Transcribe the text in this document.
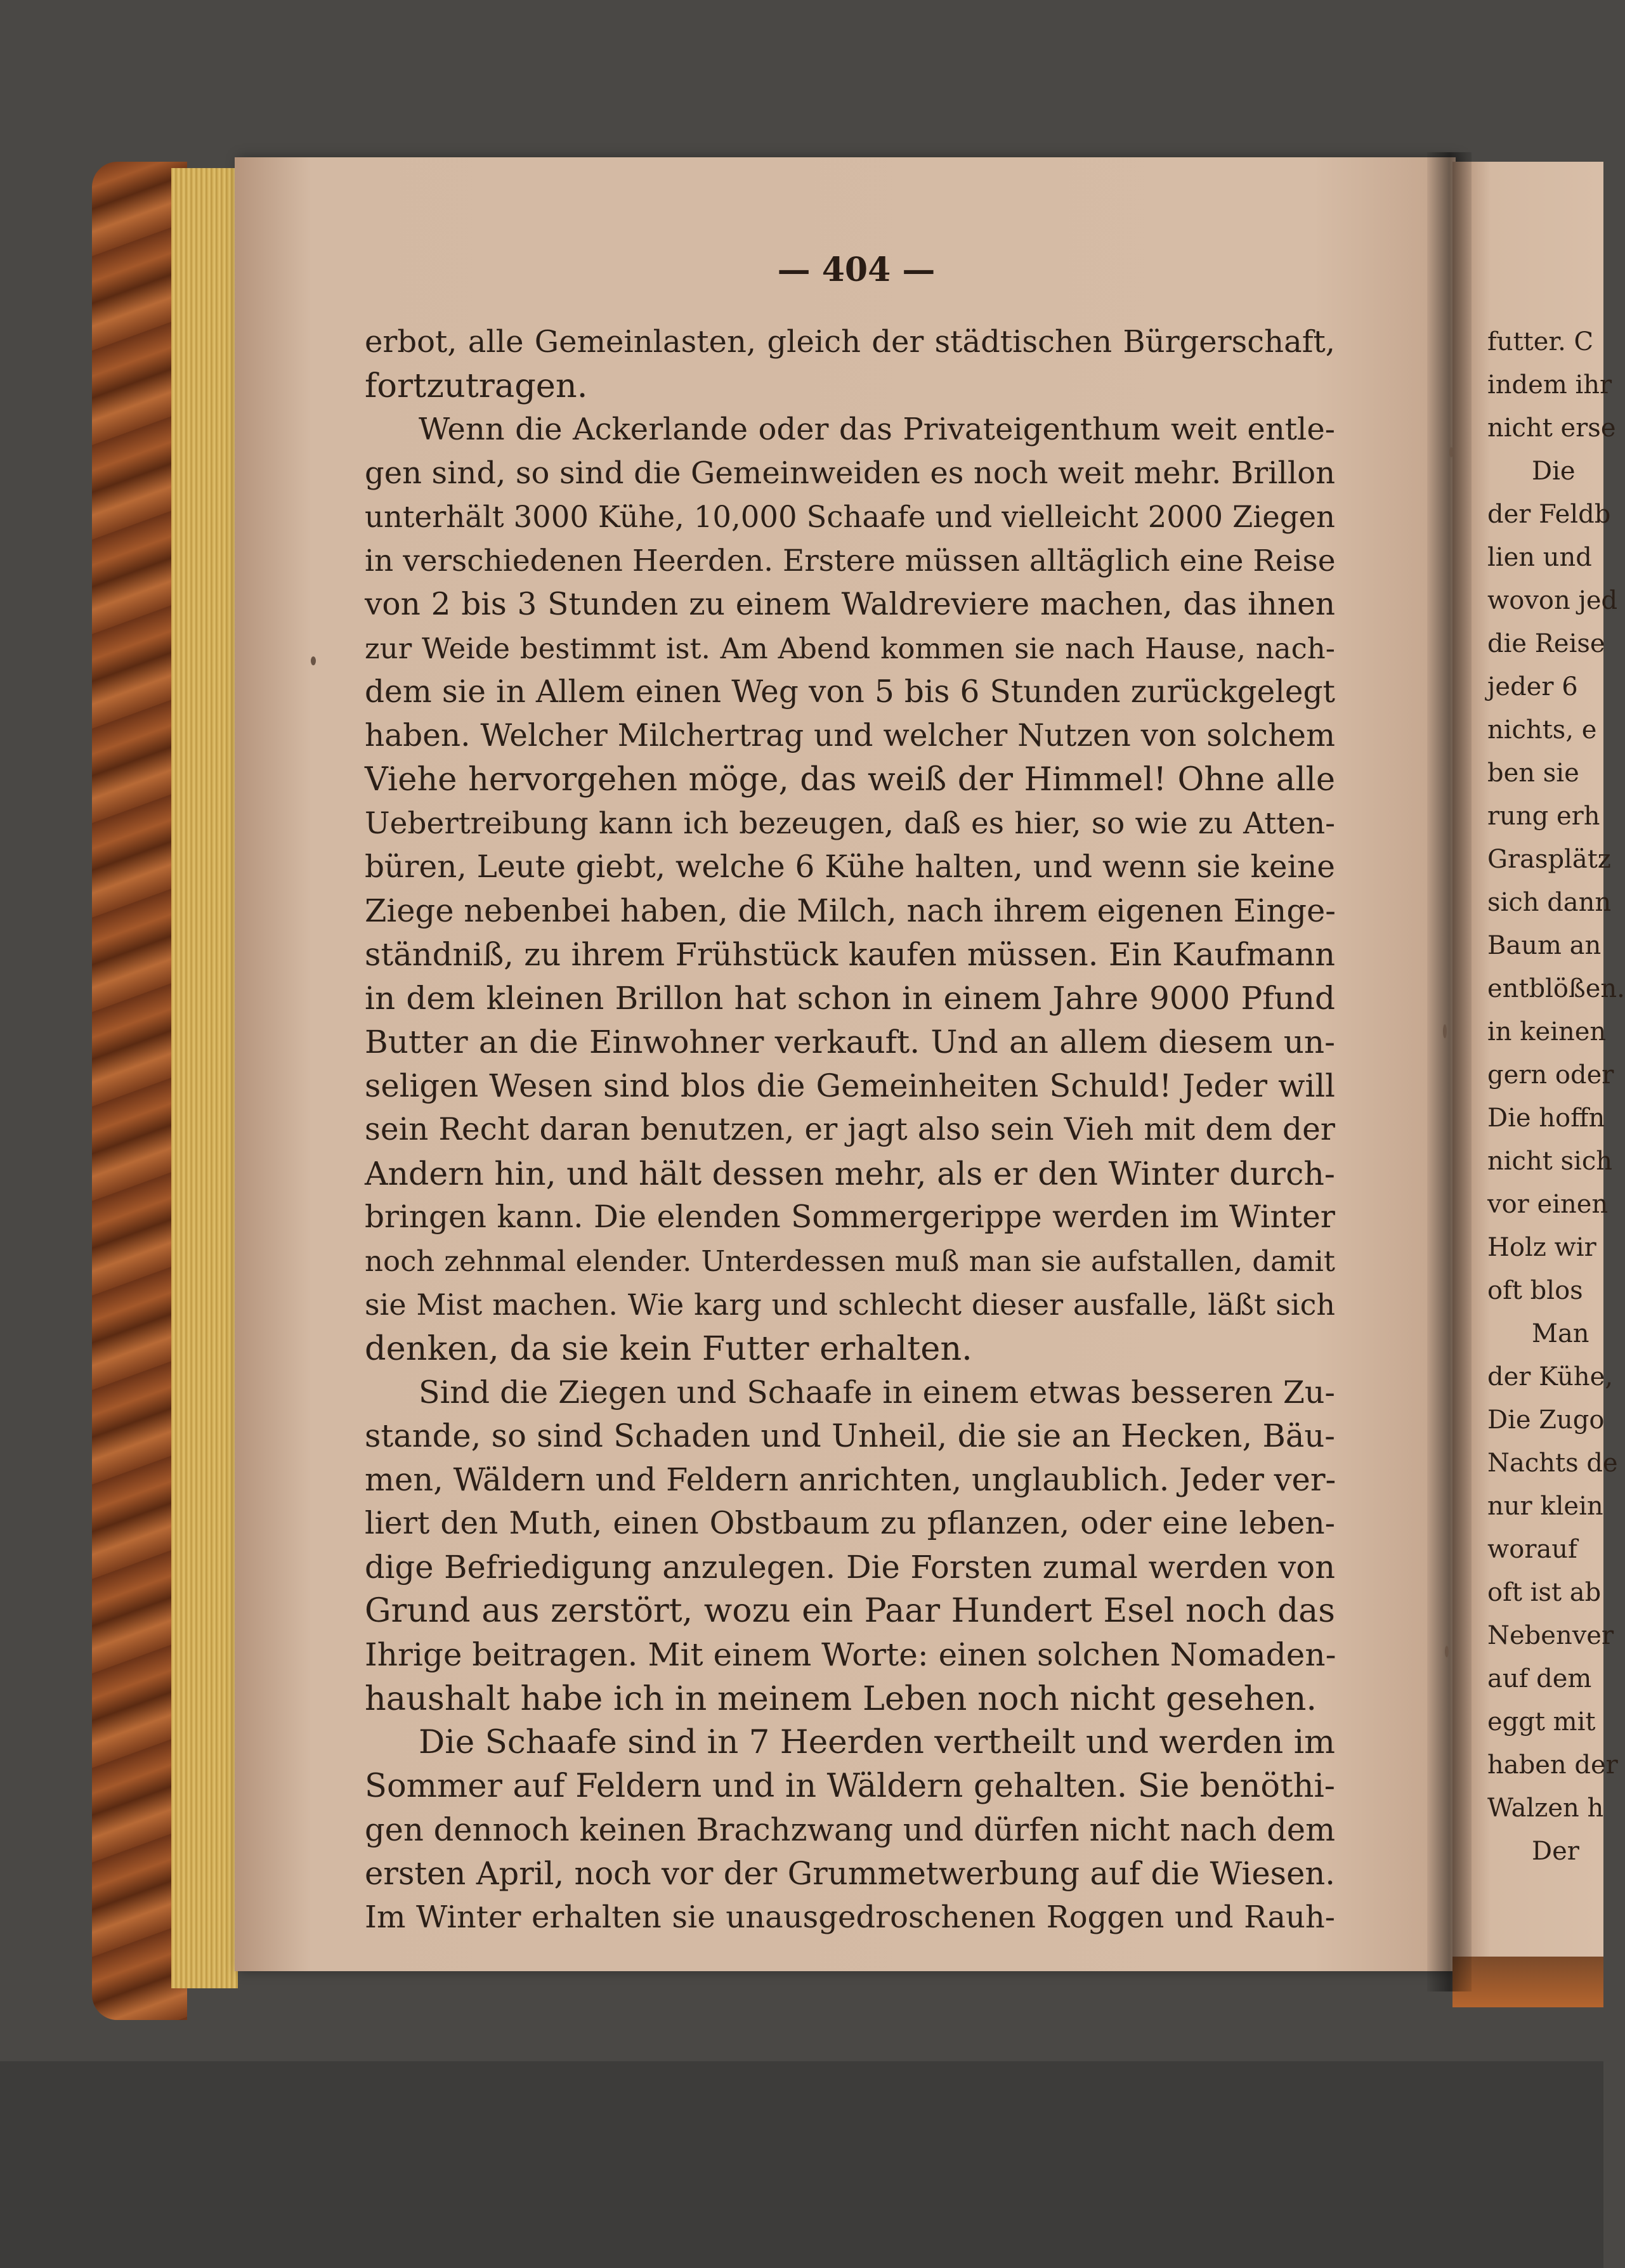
— 404 —
erbot, alle Gemeinlasten, gleich der städtischen Bürgerschaft,
fortzutragen.
Wenn die Ackerlande oder das Privateigenthum weit entle-
gen sind, so sind die Gemeinweiden es noch weit mehr. Brillon
unterhält 3000 Kühe, 10,000 Schaafe und vielleicht 2000 Ziegen
in verschiedenen Heerden. Erstere müssen alltäglich eine Reise
von 2 bis 3 Stunden zu einem Waldreviere machen, das ihnen
zur Weide bestimmt ist. Am Abend kommen sie nach Hause, nach-
dem sie in Allem einen Weg von 5 bis 6 Stunden zurückgelegt
haben. Welcher Milchertrag und welcher Nutzen von solchem
Viehe hervorgehen möge, das weiß der Himmel! Ohne alle
Uebertreibung kann ich bezeugen, daß es hier, so wie zu Atten-
büren, Leute giebt, welche 6 Kühe halten, und wenn sie keine
Ziege nebenbei haben, die Milch, nach ihrem eigenen Einge-
ständniß, zu ihrem Frühstück kaufen müssen. Ein Kaufmann
in dem kleinen Brillon hat schon in einem Jahre 9000 Pfund
Butter an die Einwohner verkauft. Und an allem diesem un-
seligen Wesen sind blos die Gemeinheiten Schuld! Jeder will
sein Recht daran benutzen, er jagt also sein Vieh mit dem der
Andern hin, und hält dessen mehr, als er den Winter durch-
bringen kann. Die elenden Sommergerippe werden im Winter
noch zehnmal elender. Unterdessen muß man sie aufstallen, damit
sie Mist machen. Wie karg und schlecht dieser ausfalle, läßt sich
denken, da sie kein Futter erhalten.
Sind die Ziegen und Schaafe in einem etwas besseren Zu-
stande, so sind Schaden und Unheil, die sie an Hecken, Bäu-
men, Wäldern und Feldern anrichten, unglaublich. Jeder ver-
liert den Muth, einen Obstbaum zu pflanzen, oder eine leben-
dige Befriedigung anzulegen. Die Forsten zumal werden von
Grund aus zerstört, wozu ein Paar Hundert Esel noch das
Ihrige beitragen. Mit einem Worte: einen solchen Nomaden-
haushalt habe ich in meinem Leben noch nicht gesehen.
Die Schaafe sind in 7 Heerden vertheilt und werden im
Sommer auf Feldern und in Wäldern gehalten. Sie benöthi-
gen dennoch keinen Brachzwang und dürfen nicht nach dem
ersten April, noch vor der Grummetwerbung auf die Wiesen.
Im Winter erhalten sie unausgedroschenen Roggen und Rauh-
futter. C
indem ihr
nicht erse
Die
der Feldb
lien und
wovon jed
die Reise
jeder 6
nichts, e
ben sie
rung erh
Grasplätz
sich dann
Baum an
entblößen.
in keinen
gern oder
Die hoffn
nicht sich
vor einen
Holz wir
oft blos
Man
der Kühe,
Die Zugo
Nachts de
nur klein
worauf
oft ist ab
Nebenver
auf dem
eggt mit
haben der
Walzen h
Der
